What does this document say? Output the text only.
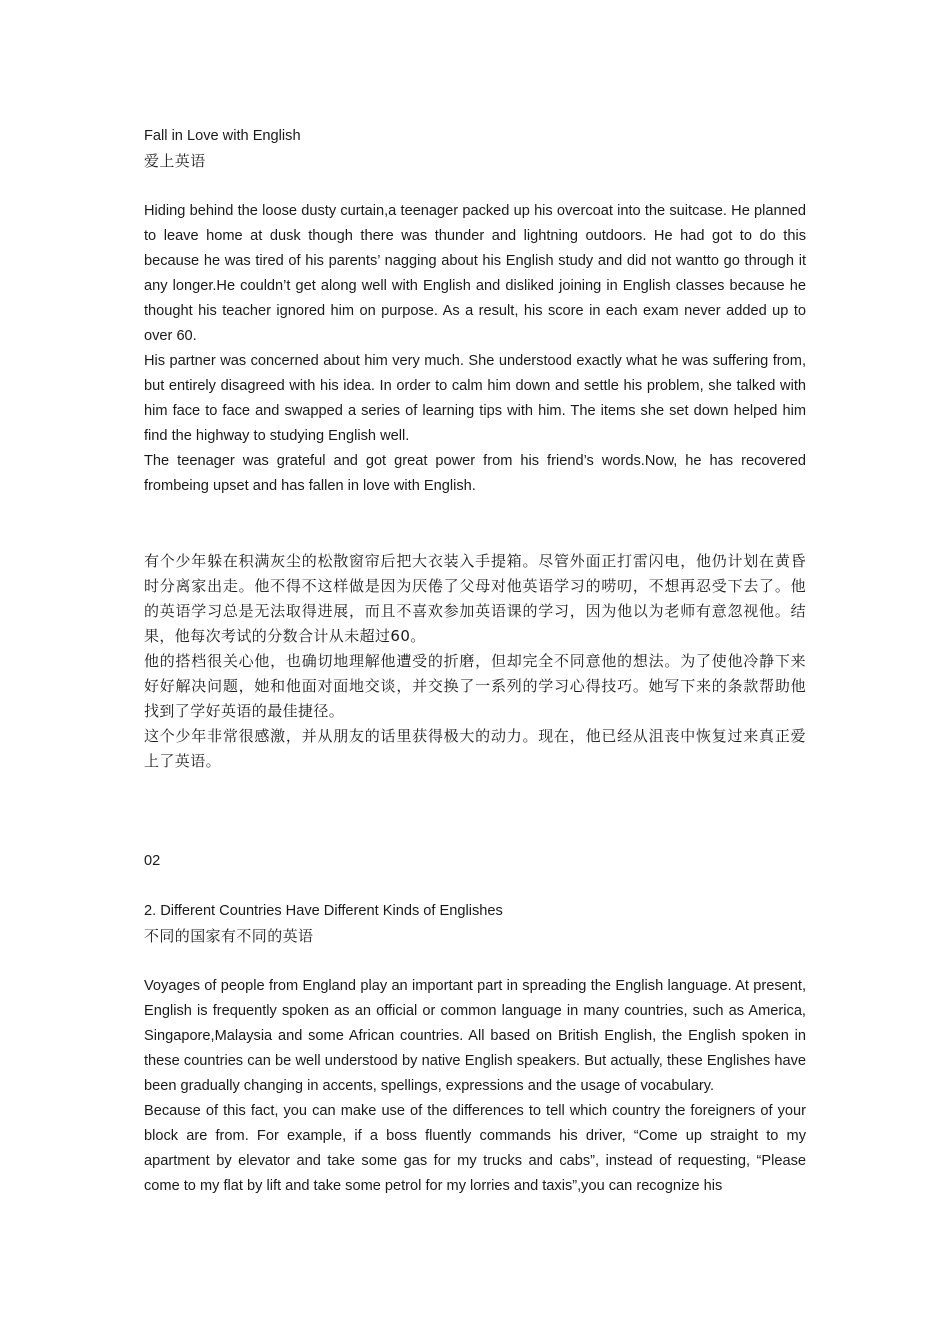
Fall in Love with English

爱上英语

Hiding behind the loose dusty curtain,a teenager packed up his overcoat into the suitcase. He planned to leave home at dusk though there was thunder and lightning outdoors. He had got to do this because he was tired of his parents’ nagging about his English study and did not wantto go through it any longer.He couldn’t get along well with English and disliked joining in English classes because he thought his teacher ignored him on purpose. As a result, his score in each exam never added up to over 60.

His partner was concerned about him very much. She understood exactly what he was suffering from, but entirely disagreed with his idea. In order to calm him down and settle his problem, she talked with him face to face and swapped a series of learning tips with him. The items she set down helped him find the highway to studying English well.

The teenager was grateful and got great power from his friend’s words.Now, he has recovered frombeing upset and has fallen in love with English.

有个少年躲在积满灰尘的松散窗帘后把大衣装入手提箱。尽管外面正打雷闪电，他仍计划在黄昏时分离家出走。他不得不这样做是因为厌倦了父母对他英语学习的唠叨，不想再忍受下去了。他的英语学习总是无法取得进展，而且不喜欢参加英语课的学习，因为他以为老师有意忽视他。结果，他每次考试的分数合计从未超过60。

他的搭档很关心他，也确切地理解他遭受的折磨，但却完全不同意他的想法。为了使他冷静下来好好解决问题，她和他面对面地交谈，并交换了一系列的学习心得技巧。她写下来的条款帮助他找到了学好英语的最佳捷径。

这个少年非常很感激，并从朋友的话里获得极大的动力。现在，他已经从沮丧中恢复过来真正爱上了英语。

02

2. Different Countries Have Different Kinds of Englishes

不同的国家有不同的英语

Voyages of people from England play an important part in spreading the English language. At present, English is frequently spoken as an official or common language in many countries, such as America, Singapore,Malaysia and some African countries. All based on British English, the English spoken in these countries can be well understood by native English speakers. But actually, these Englishes have been gradually changing in accents, spellings, expressions and the usage of vocabulary.

Because of this fact, you can make use of the differences to tell which country the foreigners of your block are from. For example, if a boss fluently commands his driver, “Come up straight to my apartment by elevator and take some gas for my trucks and cabs”, instead of requesting, “Please come to my flat by lift and take some petrol for my lorries and taxis”,you can recognize his
